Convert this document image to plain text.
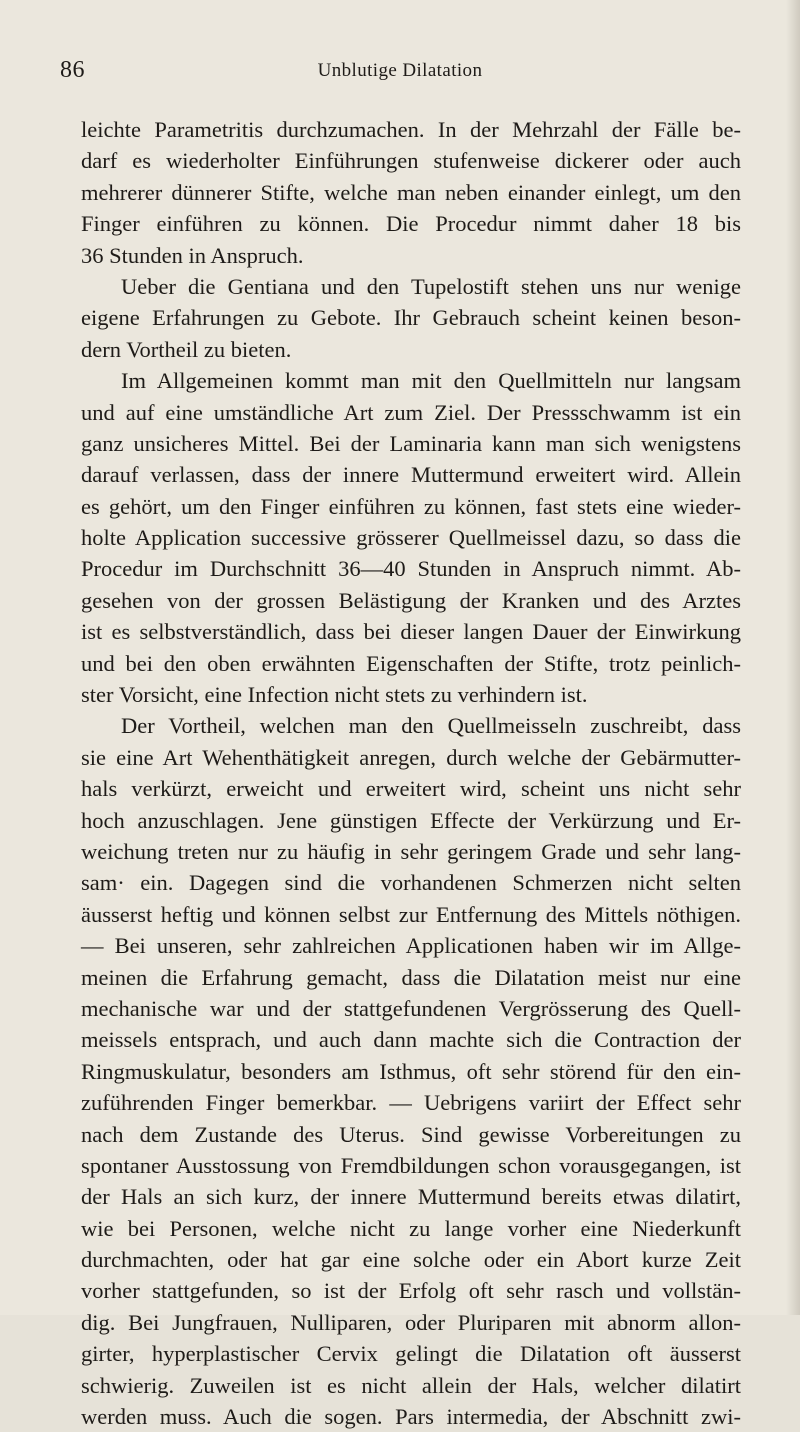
86	Unblutige Dilatation
leichte Parametritis durchzumachen. In der Mehrzahl der Fälle be-
darf es wiederholter Einführungen stufenweise dickerer oder auch
mehrerer dünnerer Stifte, welche man neben einander einlegt, um den
Finger einführen zu können. Die Procedur nimmt daher 18 bis
36 Stunden in Anspruch.
Ueber die Gentiana und den Tupelostift stehen uns nur wenige
eigene Erfahrungen zu Gebote. Ihr Gebrauch scheint keinen beson-
dern Vortheil zu bieten.
Im Allgemeinen kommt man mit den Quellmitteln nur langsam
und auf eine umständliche Art zum Ziel. Der Pressschwamm ist ein
ganz unsicheres Mittel. Bei der Laminaria kann man sich wenigstens
darauf verlassen, dass der innere Muttermund erweitert wird. Allein
es gehört, um den Finger einführen zu können, fast stets eine wieder-
holte Application successive grösserer Quellmeissel dazu, so dass die
Procedur im Durchschnitt 36—40 Stunden in Anspruch nimmt. Ab-
gesehen von der grossen Belästigung der Kranken und des Arztes
ist es selbstverständlich, dass bei dieser langen Dauer der Einwirkung
und bei den oben erwähnten Eigenschaften der Stifte, trotz peinlich-
ster Vorsicht, eine Infection nicht stets zu verhindern ist.
Der Vortheil, welchen man den Quellmeisseln zuschreibt, dass
sie eine Art Wehenthätigkeit anregen, durch welche der Gebärmutter-
hals verkürzt, erweicht und erweitert wird, scheint uns nicht sehr
hoch anzuschlagen. Jene günstigen Effecte der Verkürzung und Er-
weichung treten nur zu häufig in sehr geringem Grade und sehr lang-
sam· ein. Dagegen sind die vorhandenen Schmerzen nicht selten
äusserst heftig und können selbst zur Entfernung des Mittels nöthigen.
— Bei unseren, sehr zahlreichen Applicationen haben wir im Allge-
meinen die Erfahrung gemacht, dass die Dilatation meist nur eine
mechanische war und der stattgefundenen Vergrösserung des Quell-
meissels entsprach, und auch dann machte sich die Contraction der
Ringmuskulatur, besonders am Isthmus, oft sehr störend für den ein-
zuführenden Finger bemerkbar. — Uebrigens variirt der Effect sehr
nach dem Zustande des Uterus. Sind gewisse Vorbereitungen zu
spontaner Ausstossung von Fremdbildungen schon vorausgegangen, ist
der Hals an sich kurz, der innere Muttermund bereits etwas dilatirt,
wie bei Personen, welche nicht zu lange vorher eine Niederkunft
durchmachten, oder hat gar eine solche oder ein Abort kurze Zeit
vorher stattgefunden, so ist der Erfolg oft sehr rasch und vollstän-
dig. Bei Jungfrauen, Nulliparen, oder Pluriparen mit abnorm allon-
girter, hyperplastischer Cervix gelingt die Dilatation oft äusserst
schwierig. Zuweilen ist es nicht allein der Hals, welcher dilatirt
werden muss. Auch die sogen. Pars intermedia, der Abschnitt zwi-
